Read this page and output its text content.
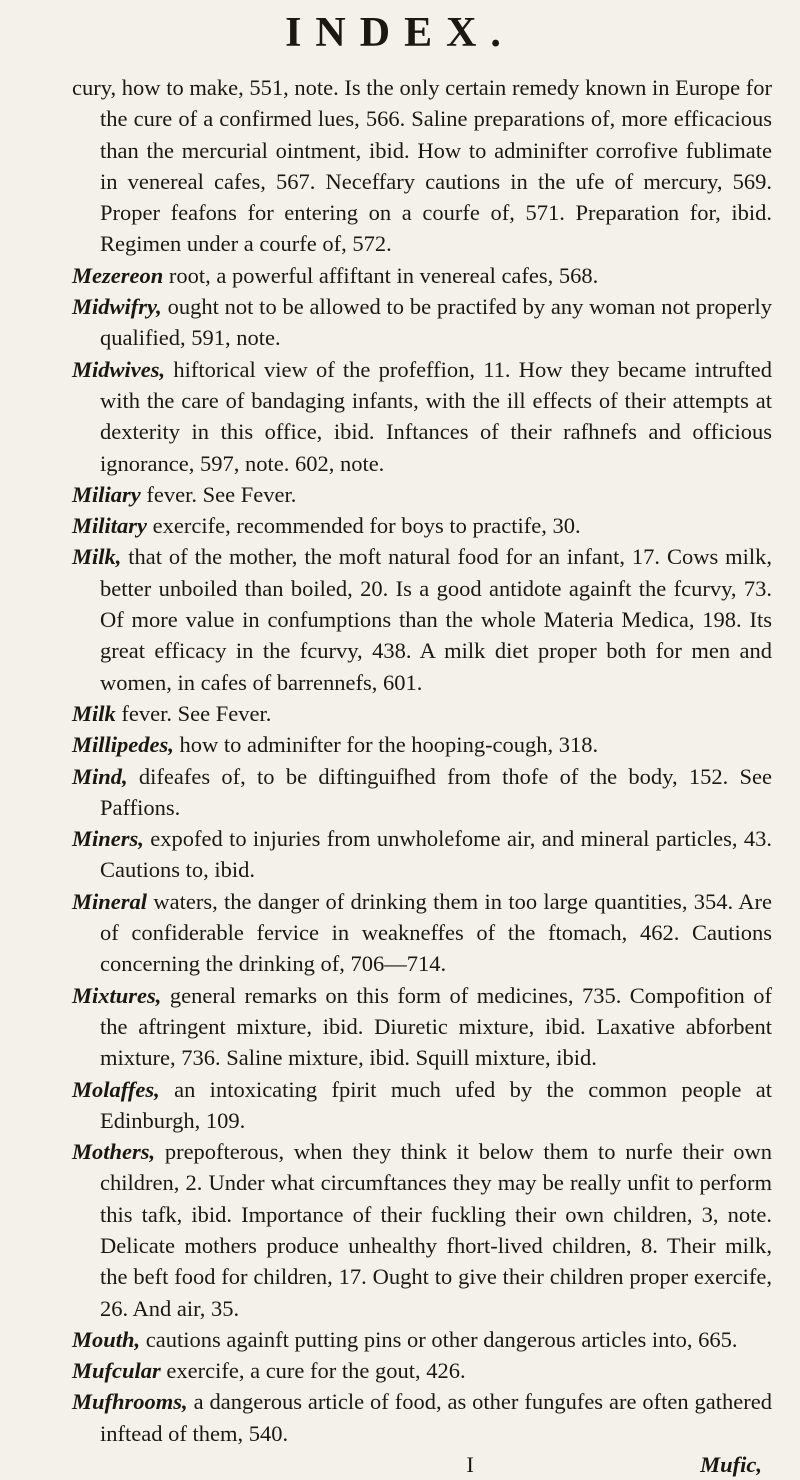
INDEX.

cury, how to make, 551, note. Is the only certain remedy known in Europe for the cure of a confirmed lues, 566. Saline preparations of, more efficacious than the mercurial ointment, ibid. How to adminifter corrofive fublimate in venereal cafes, 567. Neceffary cautions in the ufe of mercury, 569. Proper feafons for entering on a courfe of, 571. Preparation for, ibid. Regimen under a courfe of, 572.

Mezereon root, a powerful affiftant in venereal cafes, 568.

Midwifry, ought not to be allowed to be practifed by any woman not properly qualified, 591, note.

Midwives, hiftorical view of the profeffion, 11. How they became intrufted with the care of bandaging infants, with the ill effects of their attempts at dexterity in this office, ibid. Inftances of their rafhnefs and officious ignorance, 597, note. 602, note.

Miliary fever. See Fever.

Military exercife, recommended for boys to practife, 30.

Milk, that of the mother, the moft natural food for an infant, 17. Cows milk, better unboiled than boiled, 20. Is a good antidote againft the fcurvy, 73. Of more value in confumptions than the whole Materia Medica, 198. Its great efficacy in the fcurvy, 438. A milk diet proper both for men and women, in cafes of barrennefs, 601.

Milk fever. See Fever.

Millipedes, how to adminifter for the hooping-cough, 318.

Mind, difeafes of, to be diftinguifhed from thofe of the body, 152. See Paffions.

Miners, expofed to injuries from unwholefome air, and mineral particles, 43. Cautions to, ibid.

Mineral waters, the danger of drinking them in too large quantities, 354. Are of confiderable fervice in weakneffes of the ftomach, 462. Cautions concerning the drinking of, 706—714.

Mixtures, general remarks on this form of medicines, 735. Compofition of the aftringent mixture, ibid. Diuretic mixture, ibid. Laxative abforbent mixture, 736. Saline mixture, ibid. Squill mixture, ibid.

Molaffes, an intoxicating fpirit much ufed by the common people at Edinburgh, 109.

Mothers, prepofterous, when they think it below them to nurfe their own children, 2. Under what circumftances they may be really unfit to perform this tafk, ibid. Importance of their fuckling their own children, 3, note. Delicate mothers produce unhealthy fhort-lived children, 8. Their milk, the beft food for children, 17. Ought to give their children proper exercife, 26. And air, 35.

Mouth, cautions againft putting pins or other dangerous articles into, 665.

Mufcular exercife, a cure for the gout, 426.

Mufhrooms, a dangerous article of food, as other fungufes are often gathered inftead of them, 540.

I	Mufic,
